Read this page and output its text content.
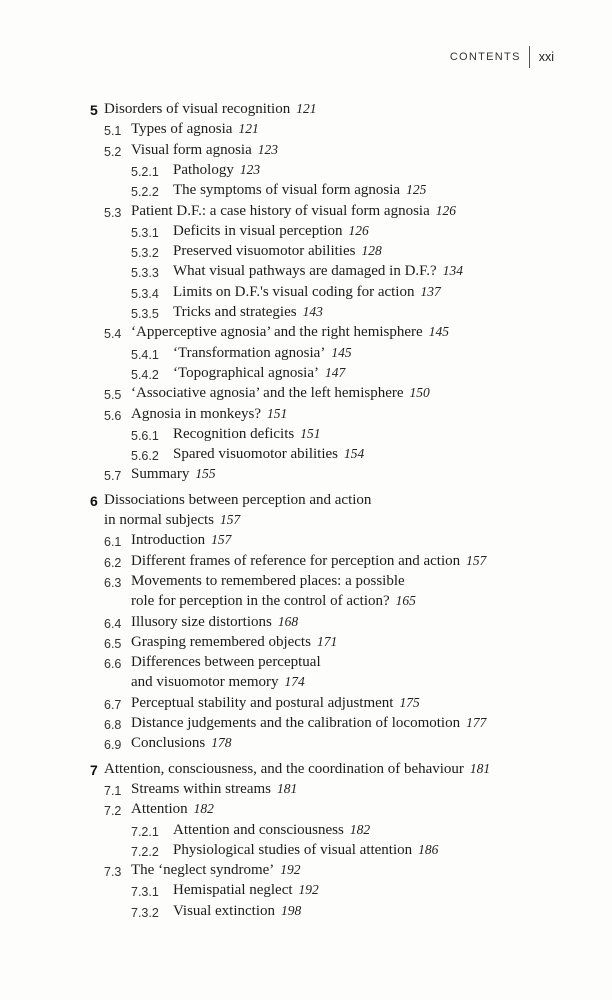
CONTENTS xxi
5 Disorders of visual recognition 121
5.1 Types of agnosia 121
5.2 Visual form agnosia 123
5.2.1 Pathology 123
5.2.2 The symptoms of visual form agnosia 125
5.3 Patient D.F.: a case history of visual form agnosia 126
5.3.1 Deficits in visual perception 126
5.3.2 Preserved visuomotor abilities 128
5.3.3 What visual pathways are damaged in D.F.? 134
5.3.4 Limits on D.F.'s visual coding for action 137
5.3.5 Tricks and strategies 143
5.4 ‘Apperceptive agnosia’ and the right hemisphere 145
5.4.1 ‘Transformation agnosia’ 145
5.4.2 ‘Topographical agnosia’ 147
5.5 ‘Associative agnosia’ and the left hemisphere 150
5.6 Agnosia in monkeys? 151
5.6.1 Recognition deficits 151
5.6.2 Spared visuomotor abilities 154
5.7 Summary 155
6 Dissociations between perception and action
in normal subjects 157
6.1 Introduction 157
6.2 Different frames of reference for perception and action 157
6.3 Movements to remembered places: a possible
role for perception in the control of action? 165
6.4 Illusory size distortions 168
6.5 Grasping remembered objects 171
6.6 Differences between perceptual
and visuomotor memory 174
6.7 Perceptual stability and postural adjustment 175
6.8 Distance judgements and the calibration of locomotion 177
6.9 Conclusions 178
7 Attention, consciousness, and the coordination of behaviour 181
7.1 Streams within streams 181
7.2 Attention 182
7.2.1 Attention and consciousness 182
7.2.2 Physiological studies of visual attention 186
7.3 The ‘neglect syndrome’ 192
7.3.1 Hemispatial neglect 192
7.3.2 Visual extinction 198
